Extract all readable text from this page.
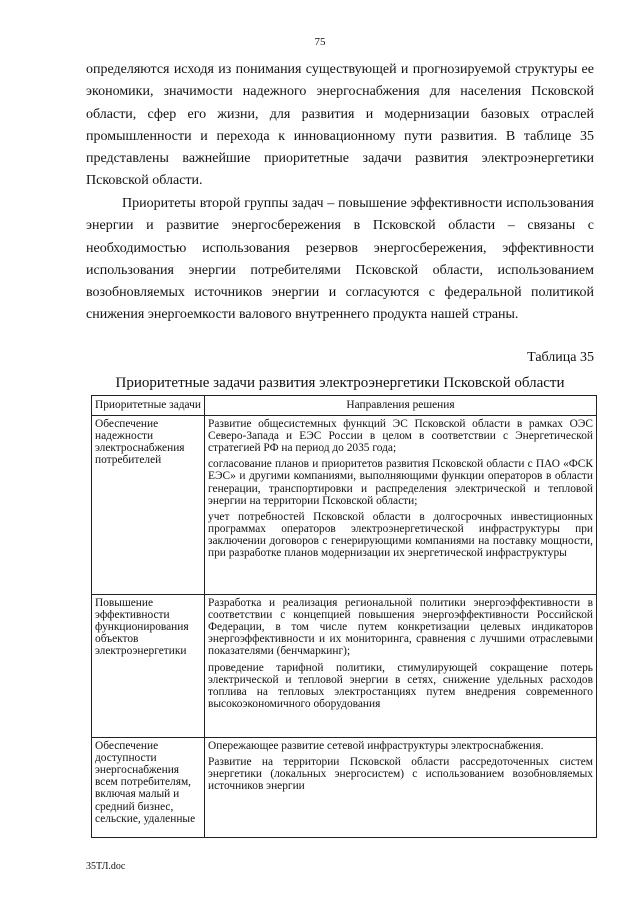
75

определяются исходя из понимания существующей и прогнозируемой структуры ее экономики, значимости надежного энергоснабжения для населения Псковской области, сфер его жизни, для развития и модернизации базовых отраслей промышленности и перехода к инновационному пути развития. В таблице 35 представлены важнейшие приоритетные задачи развития электроэнергетики Псковской области.

Приоритеты второй группы задач – повышение эффективности использования энергии и развитие энергосбережения в Псковской области – связаны с необходимостью использования резервов энергосбережения, эффективности использования энергии потребителями Псковской области, использованием возобновляемых источников энергии и согласуются с федеральной политикой снижения энергоемкости валового внутреннего продукта нашей страны.

Таблица 35
Приоритетные задачи развития электроэнергетики Псковской области
Приоритетные задачи	Направления решения
Обеспечение надежности электроснабжения потребителей	Развитие общесистемных функций ЭС Псковской области в рамках ОЭС Северо-Запада и ЕЭС России в целом в соответствии с Энергетической стратегией РФ на период до 2035 года;

согласование планов и приоритетов развития Псковской области с ПАО «ФСК ЕЭС» и другими компаниями, выполняющими функции операторов в области генерации, транспортировки и распределения электрической и тепловой энергии на территории Псковской области;

учет потребностей Псковской области в долгосрочных инвестиционных программах операторов электроэнергетической инфраструктуры при заключении договоров с генерирующими компаниями на поставку мощности, при разработке планов модернизации их энергетической инфраструктуры

Повышение эффективности функционирования объектов электроэнергетики	Разработка и реализация региональной политики энергоэффективности в соответствии с концепцией повышения энергоэффективности Российской Федерации, в том числе путем конкретизации целевых индикаторов энергоэффективности и их мониторинга, сравнения с лучшими отраслевыми показателями (бенчмаркинг);

проведение тарифной политики, стимулирующей сокращение потерь электрической и тепловой энергии в сетях, снижение удельных расходов топлива на тепловых электростанциях путем внедрения современного высокоэкономичного оборудования

Обеспечение доступности энергоснабжения всем потребителям, включая малый и средний бизнес, сельские, удаленные	Опережающее развитие сетевой инфраструктуры электроснабжения.

Развитие на территории Псковской области рассредоточенных систем энергетики (локальных энергосистем) с использованием возобновляемых источников энергии

35ТЛ.doc
